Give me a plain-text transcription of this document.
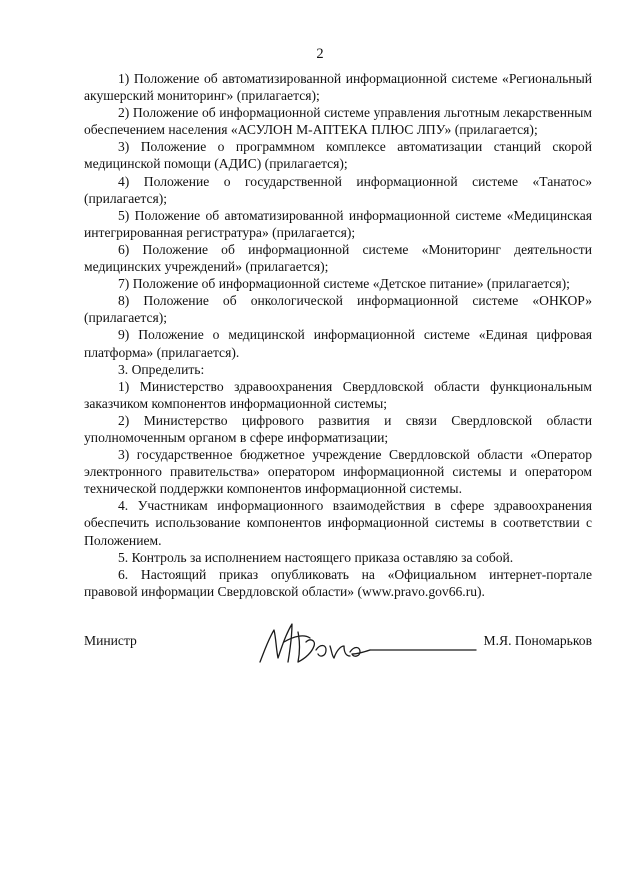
2

1) Положение об автоматизированной информационной системе «Региональный акушерский мониторинг» (прилагается);

2) Положение об информационной системе управления льготным лекарственным обеспечением населения «АСУЛОН М-АПТЕКА ПЛЮС ЛПУ» (прилагается);

3) Положение о программном комплексе автоматизации станций скорой медицинской помощи (АДИС) (прилагается);

4) Положение о государственной информационной системе «Танатос» (прилагается);

5) Положение об автоматизированной информационной системе «Медицинская интегрированная регистратура» (прилагается);

6) Положение об информационной системе «Мониторинг деятельности медицинских учреждений» (прилагается);

7) Положение об информационной системе «Детское питание» (прилагается);

8) Положение об онкологической информационной системе «ОНКОР» (прилагается);

9) Положение о медицинской информационной системе «Единая цифровая платформа» (прилагается).

3. Определить:

1) Министерство здравоохранения Свердловской области функциональным заказчиком компонентов информационной системы;

2) Министерство цифрового развития и связи Свердловской области уполномоченным органом в сфере информатизации;

3) государственное бюджетное учреждение Свердловской области «Оператор электронного правительства» оператором информационной системы и оператором технической поддержки компонентов информационной системы.

4. Участникам информационного взаимодействия в сфере здравоохранения обеспечить использование компонентов информационной системы в соответствии с Положением.

5. Контроль за исполнением настоящего приказа оставляю за собой.

6. Настоящий приказ опубликовать на «Официальном интернет-портале правовой информации Свердловской области» (www.pravo.gov66.ru).

Министр	М.Я. Пономарьков
